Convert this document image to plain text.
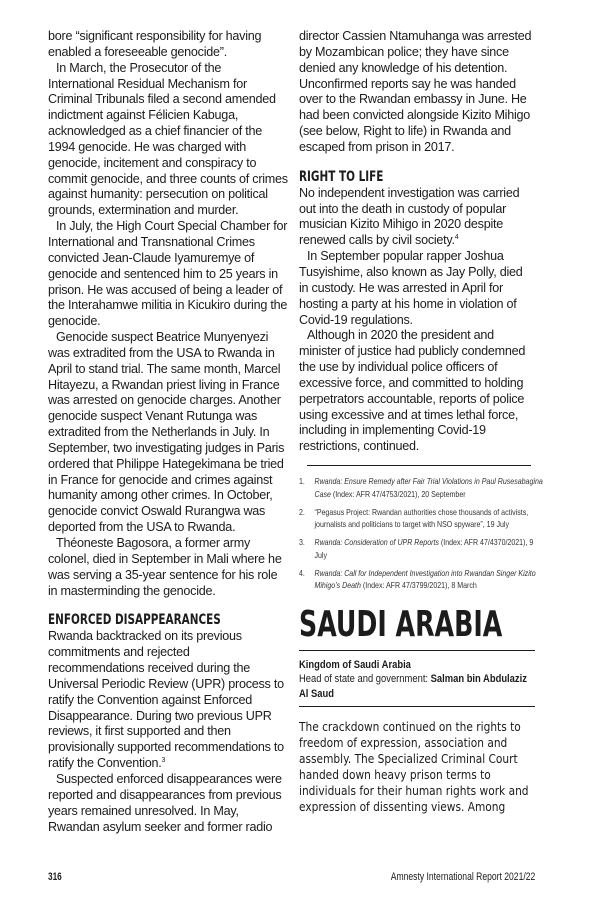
bore “significant responsibility for having enabled a foreseeable genocide”.

In March, the Prosecutor of the International Residual Mechanism for Criminal Tribunals filed a second amended indictment against Félicien Kabuga, acknowledged as a chief financier of the 1994 genocide. He was charged with genocide, incitement and conspiracy to commit genocide, and three counts of crimes against humanity: persecution on political grounds, extermination and murder.

In July, the High Court Special Chamber for International and Transnational Crimes convicted Jean-Claude Iyamuremye of genocide and sentenced him to 25 years in prison. He was accused of being a leader of the Interahamwe militia in Kicukiro during the genocide.

Genocide suspect Beatrice Munyenyezi was extradited from the USA to Rwanda in April to stand trial. The same month, Marcel Hitayezu, a Rwandan priest living in France was arrested on genocide charges. Another genocide suspect Venant Rutunga was extradited from the Netherlands in July. In September, two investigating judges in Paris ordered that Philippe Hategekimana be tried in France for genocide and crimes against humanity among other crimes. In October, genocide convict Oswald Rurangwa was deported from the USA to Rwanda.

Théoneste Bagosora, a former army colonel, died in September in Mali where he was serving a 35-year sentence for his role in masterminding the genocide.

ENFORCED DISAPPEARANCES

Rwanda backtracked on its previous commitments and rejected recommendations received during the Universal Periodic Review (UPR) process to ratify the Convention against Enforced Disappearance. During two previous UPR reviews, it first supported and then provisionally supported recommendations to ratify the Convention.$^3$

Suspected enforced disappearances were reported and disappearances from previous years remained unresolved. In May, Rwandan asylum seeker and former radio

director Cassien Ntamuhanga was arrested by Mozambican police; they have since denied any knowledge of his detention. Unconfirmed reports say he was handed over to the Rwandan embassy in June. He had been convicted alongside Kizito Mihigo (see below, Right to life) in Rwanda and escaped from prison in 2017.

RIGHT TO LIFE

No independent investigation was carried out into the death in custody of popular musician Kizito Mihigo in 2020 despite renewed calls by civil society.$^4$

In September popular rapper Joshua Tusyishime, also known as Jay Polly, died in custody. He was arrested in April for hosting a party at his home in violation of Covid-19 regulations.

Although in 2020 the president and minister of justice had publicly condemned the use by individual police officers of excessive force, and committed to holding perpetrators accountable, reports of police using excessive and at times lethal force, including in implementing Covid-19 restrictions, continued.

1. Rwanda: Ensure Remedy after Fair Trial Violations in Paul Rusesabagina Case (Index: AFR 47/4753/2021), 20 September
2. “Pegasus Project: Rwandan authorities chose thousands of activists, journalists and politicians to target with NSO spyware”, 19 July
3. Rwanda: Consideration of UPR Reports (Index: AFR 47/4370/2021), 9 July
4. Rwanda: Call for Independent Investigation into Rwandan Singer Kizito Mihigo’s Death (Index: AFR 47/3799/2021), 8 March
SAUDI ARABIA
Kingdom of Saudi Arabia
Head of state and government: Salman bin Abdulaziz Al Saud

The crackdown continued on the rights to freedom of expression, association and assembly. The Specialized Criminal Court handed down heavy prison terms to individuals for their human rights work and expression of dissenting views. Among

316	Amnesty International Report 2021/22
